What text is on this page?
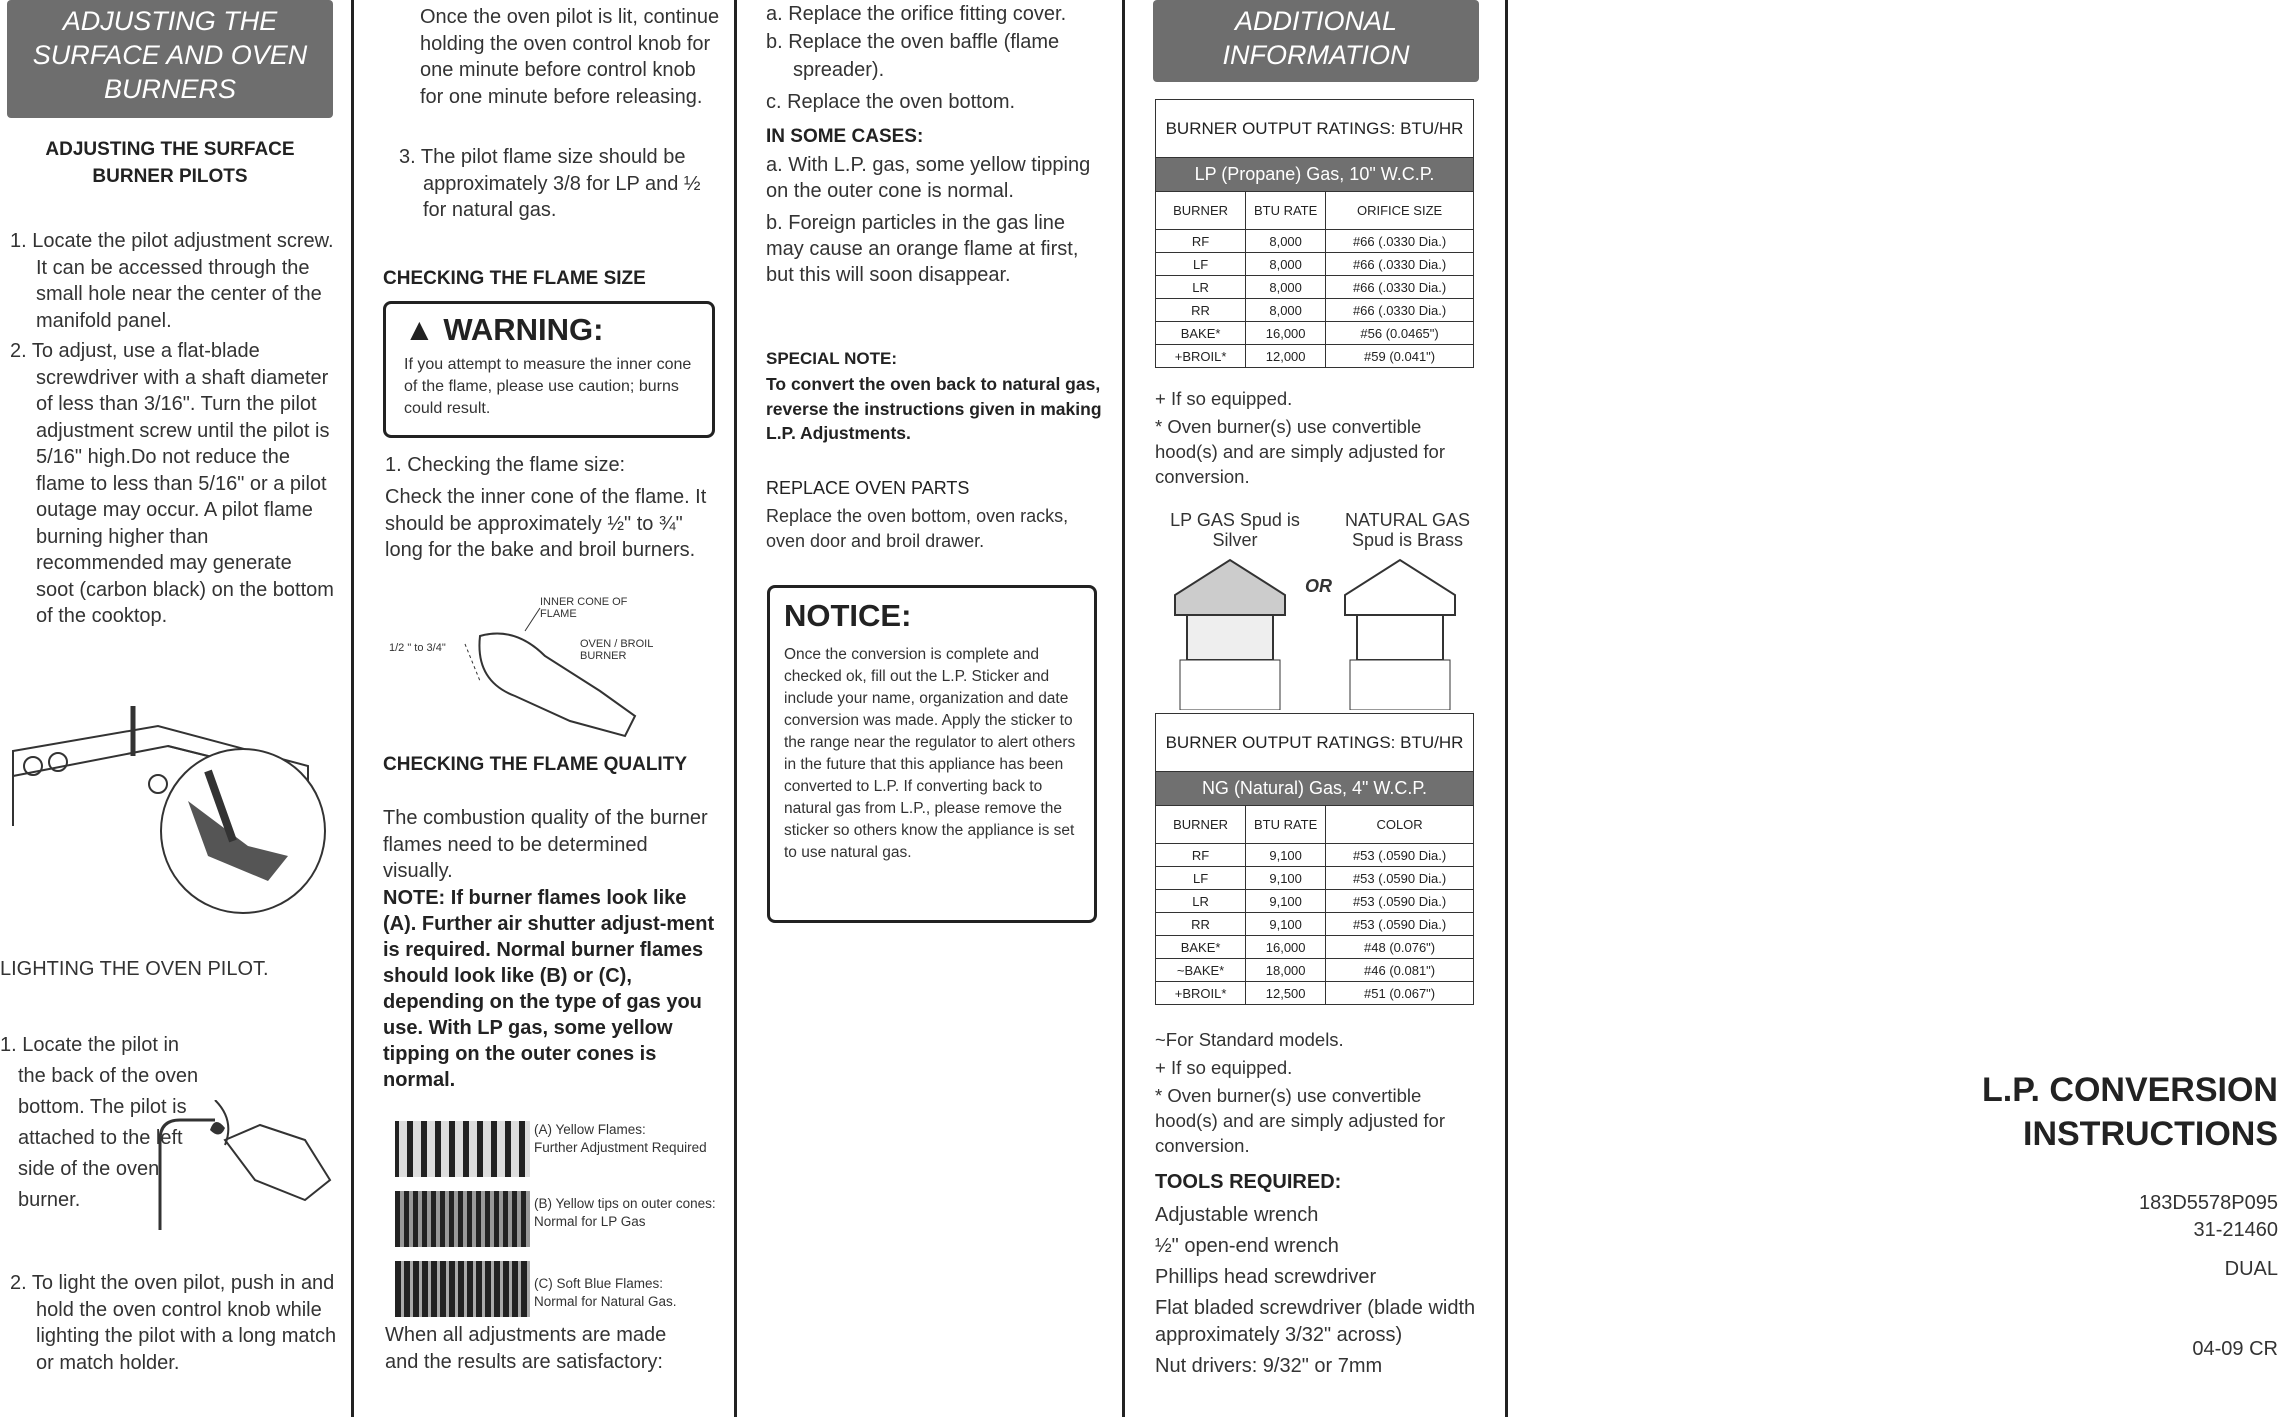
ADJUSTING THE SURFACE AND OVEN BURNERS
ADJUSTING THE SURFACE BURNER PILOTS
1. Locate the pilot adjustment screw. It can be accessed through the small hole near the center of the manifold panel.
2. To adjust, use a flat-blade screwdriver with a shaft diameter of less than 3/16". Turn the pilot adjustment screw until the pilot is 5/16" high.Do not reduce the flame to less than 5/16" or a pilot outage may occur. A pilot flame burning higher than recommended may generate soot (carbon black) on the bottom of the cooktop.
LIGHTING THE OVEN PILOT.
1. Locate the pilot in the back of the oven bottom. The pilot is attached to the left side of the oven burner.
2. To light the oven pilot, push in and hold the oven control knob while lighting the pilot with a long match or match holder.
Once the oven pilot is lit, continue holding the oven control knob for one minute before control knob for one minute before releasing.
3. The pilot flame size should be approximately 3/8 for LP and ½ for natural gas.
CHECKING THE FLAME SIZE
▲ WARNING:
If you attempt to measure the inner cone of the flame, please use caution; burns could result.
1. Checking the flame size:
Check the inner cone of the flame. It should be approximately ½" to ¾" long for the bake and broil burners.
INNER CONE OF FLAME
OVEN / BROIL BURNER
1/2 " to 3/4"
CHECKING THE FLAME QUALITY
The combustion quality of the burner flames need to be determined visually.
NOTE: If burner flames look like (A). Further air shutter adjust-ment is required. Normal burner flames should look like (B) or (C), depending on the type of gas you use. With LP gas, some yellow tipping on the outer cones is normal.
(A) Yellow Flames:
Further Adjustment Required
(B) Yellow tips on outer cones:
Normal for LP Gas
(C) Soft Blue Flames:
Normal for Natural Gas.
When all adjustments are made and the results are satisfactory:
a. Replace the orifice fitting cover.
b. Replace the oven baffle (flame spreader).
c. Replace the oven bottom.
IN SOME CASES:
a. With L.P. gas, some yellow tipping on the outer cone is normal.
b. Foreign particles in the gas line may cause an orange flame at first, but this will soon disappear.
SPECIAL NOTE:
To convert the oven back to natural gas, reverse the instructions given in making L.P. Adjustments.
REPLACE OVEN PARTS
Replace the oven bottom, oven racks, oven door and broil drawer.
NOTICE:
Once the conversion is complete and checked ok, fill out the L.P. Sticker and include your name, organization and date conversion was made. Apply the sticker to the range near the regulator to alert others in the future that this appliance has been converted to L.P. If converting back to natural gas from L.P., please remove the sticker so others know the appliance is set to use natural gas.
ADDITIONAL INFORMATION
BURNER OUTPUT RATINGS: BTU/HR		
LP (Propane) Gas, 10" W.C.P.		
BURNER	BTU RATE	ORIFICE SIZE
RF	8,000	#66 (.0330 Dia.)
LF	8,000	#66 (.0330 Dia.)
LR	8,000	#66 (.0330 Dia.)
RR	8,000	#66 (.0330 Dia.)
BAKE*	16,000	#56 (0.0465")
+BROIL*	12,000	#59 (0.041")
+ If so equipped.
* Oven burner(s) use convertible hood(s) and are simply adjusted for conversion.
LP GAS Spud is Silver
NATURAL GAS Spud is Brass
OR
BURNER OUTPUT RATINGS: BTU/HR		
NG (Natural) Gas, 4" W.C.P.		
BURNER	BTU RATE	COLOR
RF	9,100	#53 (.0590 Dia.)
LF	9,100	#53 (.0590 Dia.)
LR	9,100	#53 (.0590 Dia.)
RR	9,100	#53 (.0590 Dia.)
BAKE*	16,000	#48 (0.076")
~BAKE*	18,000	#46 (0.081")
+BROIL*	12,500	#51 (0.067")
~For Standard models.
+ If so equipped.
* Oven burner(s) use convertible hood(s) and are simply adjusted for conversion.
TOOLS REQUIRED:
Adjustable wrench
½" open-end wrench
Phillips head screwdriver
Flat bladed screwdriver (blade width approximately 3/32" across)
Nut drivers: 9/32" or 7mm
L.P. CONVERSION INSTRUCTIONS
183D5578P095
31-21460
DUAL
04-09 CR
